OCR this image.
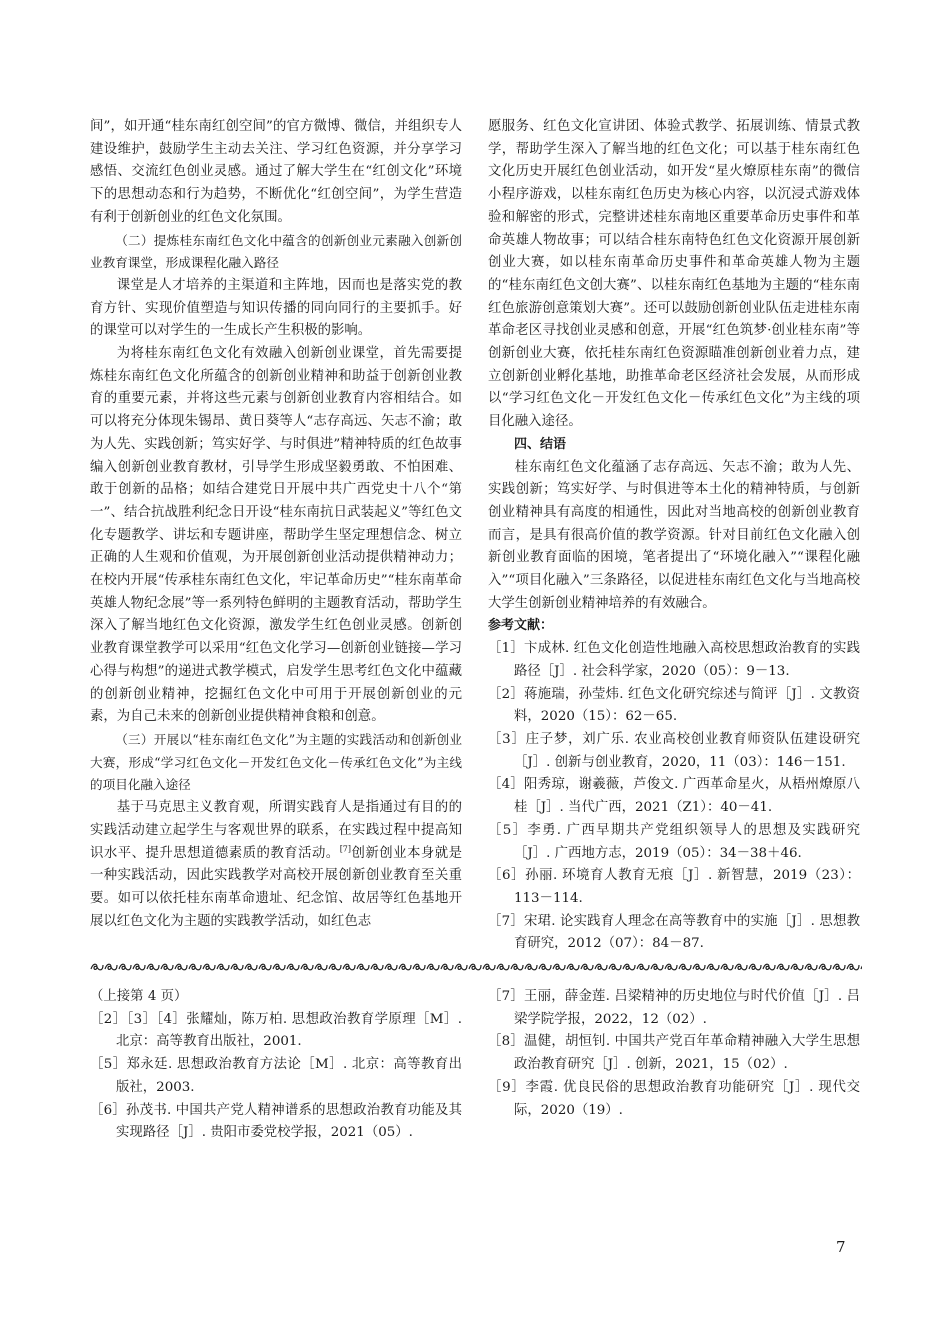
间”，如开通“桂东南红创空间”的官方微博、微信，并组织专人建设维护，鼓励学生主动去关注、学习红色资源，并分享学习感悟、交流红色创业灵感。通过了解大学生在“红创文化”环境下的思想动态和行为趋势，不断优化“红创空间”，为学生营造有利于创新创业的红色文化氛围。

（二）提炼桂东南红色文化中蕴含的创新创业元素融入创新创业教育课堂，形成课程化融入路径

课堂是人才培养的主渠道和主阵地，因而也是落实党的教育方针、实现价值塑造与知识传播的同向同行的主要抓手。好的课堂可以对学生的一生成长产生积极的影响。

为将桂东南红色文化有效融入创新创业课堂，首先需要提炼桂东南红色文化所蕴含的创新创业精神和助益于创新创业教育的重要元素，并将这些元素与创新创业教育内容相结合。如可以将充分体现朱锡昂、黄日葵等人“志存高远、矢志不渝；敢为人先、实践创新；笃实好学、与时俱进”精神特质的红色故事编入创新创业教育教材，引导学生形成坚毅勇敢、不怕困难、敢于创新的品格；如结合建党日开展中共广西党史十八个“第一”、结合抗战胜利纪念日开设“桂东南抗日武装起义”等红色文化专题教学、讲坛和专题讲座，帮助学生坚定理想信念、树立正确的人生观和价值观，为开展创新创业活动提供精神动力；在校内开展“传承桂东南红色文化，牢记革命历史”“桂东南革命英雄人物纪念展”等一系列特色鲜明的主题教育活动，帮助学生深入了解当地红色文化资源，激发学生红色创业灵感。创新创业教育课堂教学可以采用“红色文化学习—创新创业链接—学习心得与构想”的递进式教学模式，启发学生思考红色文化中蕴藏的创新创业精神，挖掘红色文化中可用于开展创新创业的元素，为自己未来的创新创业提供精神食粮和创意。

（三）开展以“桂东南红色文化”为主题的实践活动和创新创业大赛，形成“学习红色文化－开发红色文化－传承红色文化”为主线的项目化融入途径

基于马克思主义教育观，所谓实践育人是指通过有目的的实践活动建立起学生与客观世界的联系，在实践过程中提高知识水平、提升思想道德素质的教育活动。[7]创新创业本身就是一种实践活动，因此实践教学对高校开展创新创业教育至关重要。如可以依托桂东南革命遗址、纪念馆、故居等红色基地开展以红色文化为主题的实践教学活动，如红色志

愿服务、红色文化宣讲团、体验式教学、拓展训练、情景式教学，帮助学生深入了解当地的红色文化；可以基于桂东南红色文化历史开展红色创业活动，如开发“星火燎原桂东南”的微信小程序游戏，以桂东南红色历史为核心内容，以沉浸式游戏体验和解密的形式，完整讲述桂东南地区重要革命历史事件和革命英雄人物故事；可以结合桂东南特色红色文化资源开展创新创业大赛，如以桂东南革命历史事件和革命英雄人物为主题的“桂东南红色文创大赛”、以桂东南红色基地为主题的“桂东南红色旅游创意策划大赛”。还可以鼓励创新创业队伍走进桂东南革命老区寻找创业灵感和创意，开展“红色筑梦·创业桂东南”等创新创业大赛，依托桂东南红色资源瞄准创新创业着力点，建立创新创业孵化基地，助推革命老区经济社会发展，从而形成以“学习红色文化－开发红色文化－传承红色文化”为主线的项目化融入途径。

四、结语

桂东南红色文化蕴涵了志存高远、矢志不渝；敢为人先、实践创新；笃实好学、与时俱进等本土化的精神特质，与创新创业精神具有高度的相通性，因此对当地高校的创新创业教育而言，是具有很高价值的教学资源。针对目前红色文化融入创新创业教育面临的困境，笔者提出了“环境化融入”“课程化融入”“项目化融入”三条路径，以促进桂东南红色文化与当地高校大学生创新创业精神培养的有效融合。

参考文献：

［1］卞成林. 红色文化创造性地融入高校思想政治教育的实践路径［J］. 社会科学家，2020（05）：9－13.

［2］蒋施瑞，孙莹炜. 红色文化研究综述与简评［J］. 文教资料，2020（15）：62－65.

［3］庄子梦，刘广乐. 农业高校创业教育师资队伍建设研究［J］. 创新与创业教育，2020，11（03）：146－151.

［4］阳秀琼，谢羲薇，芦俊文. 广西革命星火，从梧州燎原八桂［J］. 当代广西，2021（Z1）：40－41.

［5］李勇. 广西早期共产党组织领导人的思想及实践研究［J］. 广西地方志，2019（05）：34－38＋46.

［6］孙丽. 环境育人教育无痕［J］. 新智慧，2019（23）：113－114.

［7］宋珺. 论实践育人理念在高等教育中的实施［J］. 思想教育研究，2012（07）：84－87.

（上接第 4 页）

［2］［3］［4］张耀灿，陈万柏. 思想政治教育学原理［M］. 北京：高等教育出版社，2001.

［5］郑永廷. 思想政治教育方法论［M］. 北京：高等教育出版社，2003.

［6］孙茂书. 中国共产党人精神谱系的思想政治教育功能及其实现路径［J］. 贵阳市委党校学报，2021（05）.

［7］王丽，薛金莲. 吕梁精神的历史地位与时代价值［J］. 吕梁学院学报，2022，12（02）.

［8］温健，胡恒钊. 中国共产党百年革命精神融入大学生思想政治教育研究［J］. 创新，2021，15（02）.

［9］李霞. 优良民俗的思想政治教育功能研究［J］. 现代交际，2020（19）.

7
